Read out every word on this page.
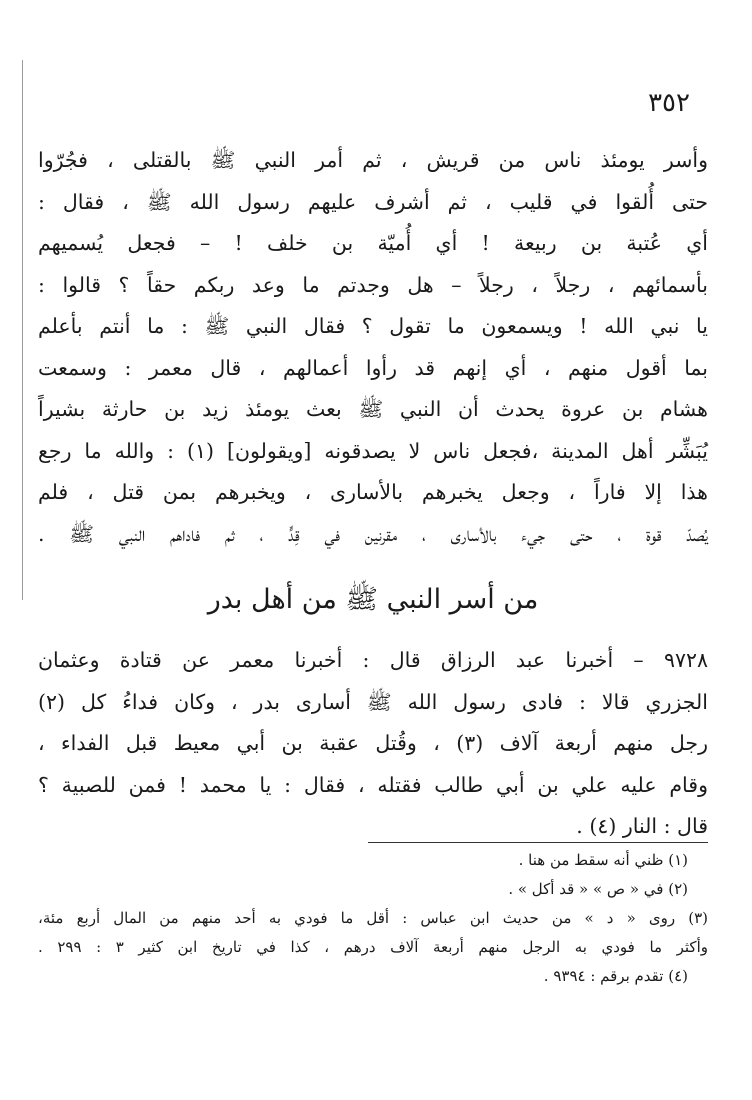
٣٥٢
وأسر يومئذ ناس من قريش ، ثم أمر النبي ﷺ بالقتلى ، فجُرّوا
حتى أُلقوا في قليب ، ثم أشرف عليهم رسول الله ﷺ ، فقال :
أي عُتبة بن ربيعة ! أي أُميّة بن خلف ! – فجعل يُسميهم
بأسمائهم ، رجلاً ، رجلاً – هل وجدتم ما وعد ربكم حقاً ؟ قالوا :
يا نبي الله ! ويسمعون ما تقول ؟ فقال النبي ﷺ : ما أنتم بأعلم
بما أقول منهم ، أي إنهم قد رأوا أعمالهم ، قال معمر : وسمعت
هشام بن عروة يحدث أن النبي ﷺ بعث يومئذ زيد بن حارثة بشيراً
يُبَشِّر أهل المدينة ،فجعل ناس لا يصدقونه [ويقولون] (١) : والله ما رجع
هذا إلا فاراً ، وجعل يخبرهم بالأسارى ، ويخبرهم بمن قتل ، فلم
يُصدّ قوة ، حتى جيء بالأسارى ، مقرنين في قِدٍّ ، ثم فاداهم النبي ﷺ .
من أسر النبي ﷺ من أهل بدر
٩٧٢٨ – أخبرنا عبد الرزاق قال : أخبرنا معمر عن قتادة وعثمان
الجزري قالا : فادى رسول الله ﷺ أسارى بدر ، وكان فداءُ كل (٢)
رجل منهم أربعة آلاف (٣) ، وقُتل عقبة بن أبي معيط قبل الفداء ،
وقام عليه علي بن أبي طالب فقتله ، فقال : يا محمد ! فمن للصبية ؟
قال : النار (٤) .
(١) ظني أنه سقط من هنا .
(٢) في « ص » « قد أكل » .
(٣) روى « د » من حديث ابن عباس : أقل ما فودي به أحد منهم من المال أربع مئة،
وأكثر ما فودي به الرجل منهم أربعة آلاف درهم ، كذا في تاريخ ابن كثير ٣ : ٢٩٩ .
(٤) تقدم برقم : ٩٣٩٤ .
